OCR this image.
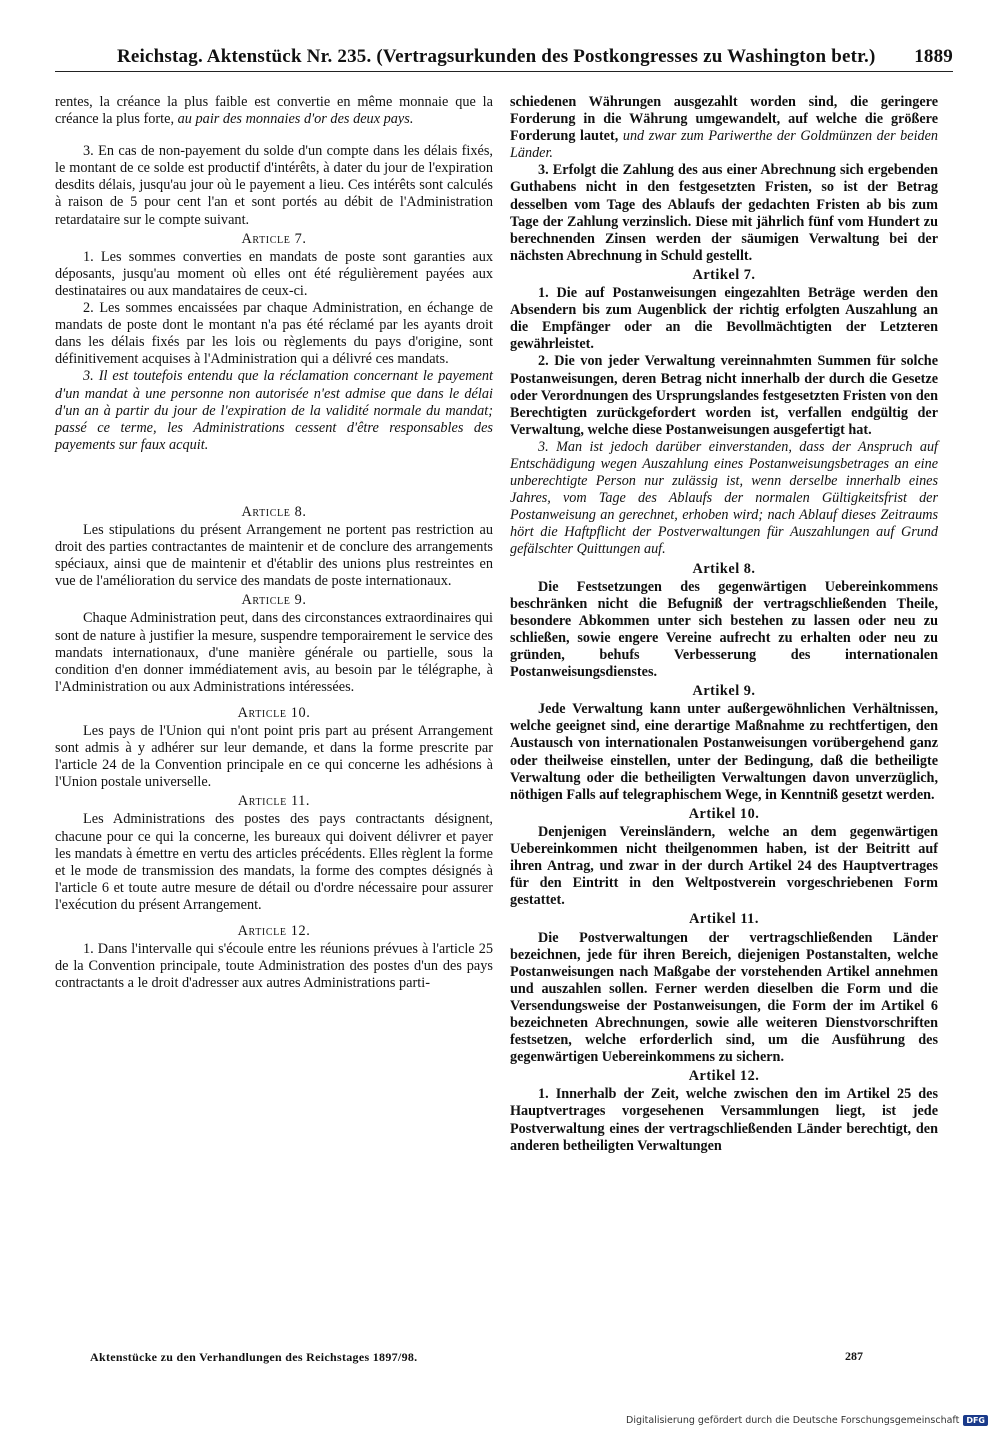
Reichstag. Aktenstück Nr. 235. (Vertragsurkunden des Postkongresses zu Washington betr.) 1889

rentes, la créance la plus faible est convertie en même monnaie que la créance la plus forte, au pair des monnaies d'or des deux pays.

3. En cas de non-payement du solde d'un compte dans les délais fixés, le montant de ce solde est productif d'intérêts, à dater du jour de l'expiration desdits délais, jusqu'au jour où le payement a lieu. Ces intérêts sont calculés à raison de 5 pour cent l'an et sont portés au débit de l'Administration retardataire sur le compte suivant.

Article 7.

1. Les sommes converties en mandats de poste sont garanties aux déposants, jusqu'au moment où elles ont été régulièrement payées aux destinataires ou aux mandataires de ceux-ci.

2. Les sommes encaissées par chaque Administration, en échange de mandats de poste dont le montant n'a pas été réclamé par les ayants droit dans les délais fixés par les lois ou règlements du pays d'origine, sont définitivement acquises à l'Administration qui a délivré ces mandats.

3. Il est toutefois entendu que la réclamation concernant le payement d'un mandat à une personne non autorisée n'est admise que dans le délai d'un an à partir du jour de l'expiration de la validité normale du mandat; passé ce terme, les Administrations cessent d'être responsables des payements sur faux acquit.

Article 8.

Les stipulations du présent Arrangement ne portent pas restriction au droit des parties contractantes de maintenir et de conclure des arrangements spéciaux, ainsi que de maintenir et d'établir des unions plus restreintes en vue de l'amélioration du service des mandats de poste internationaux.

Article 9.

Chaque Administration peut, dans des circonstances extraordinaires qui sont de nature à justifier la mesure, suspendre temporairement le service des mandats internationaux, d'une manière générale ou partielle, sous la condition d'en donner immédiatement avis, au besoin par le télégraphe, à l'Administration ou aux Administrations intéressées.

Article 10.

Les pays de l'Union qui n'ont point pris part au présent Arrangement sont admis à y adhérer sur leur demande, et dans la forme prescrite par l'article 24 de la Convention principale en ce qui concerne les adhésions à l'Union postale universelle.

Article 11.

Les Administrations des postes des pays contractants désignent, chacune pour ce qui la concerne, les bureaux qui doivent délivrer et payer les mandats à émettre en vertu des articles précédents. Elles règlent la forme et le mode de transmission des mandats, la forme des comptes désignés à l'article 6 et toute autre mesure de détail ou d'ordre nécessaire pour assurer l'exécution du présent Arrangement.

Article 12.

1. Dans l'intervalle qui s'écoule entre les réunions prévues à l'article 25 de la Convention principale, toute Administration des postes d'un des pays contractants a le droit d'adresser aux autres Administrations parti-

schiedenen Währungen ausgezahlt worden sind, die geringere Forderung in die Währung umgewandelt, auf welche die größere Forderung lautet, und zwar zum Pariwerthe der Goldmünzen der beiden Länder.

3. Erfolgt die Zahlung des aus einer Abrechnung sich ergebenden Guthabens nicht in den festgesetzten Fristen, so ist der Betrag desselben vom Tage des Ablaufs der gedachten Fristen ab bis zum Tage der Zahlung verzinslich. Diese mit jährlich fünf vom Hundert zu berechnenden Zinsen werden der säumigen Verwaltung bei der nächsten Abrechnung in Schuld gestellt.

Artikel 7.

1. Die auf Postanweisungen eingezahlten Beträge werden den Absendern bis zum Augenblick der richtig erfolgten Auszahlung an die Empfänger oder an die Bevollmächtigten der Letzteren gewährleistet.

2. Die von jeder Verwaltung vereinnahmten Summen für solche Postanweisungen, deren Betrag nicht innerhalb der durch die Gesetze oder Verordnungen des Ursprungslandes festgesetzten Fristen von den Berechtigten zurückgefordert worden ist, verfallen endgültig der Verwaltung, welche diese Postanweisungen ausgefertigt hat.

3. Man ist jedoch darüber einverstanden, dass der Anspruch auf Entschädigung wegen Auszahlung eines Postanweisungsbetrages an eine unberechtigte Person nur zulässig ist, wenn derselbe innerhalb eines Jahres, vom Tage des Ablaufs der normalen Gültigkeitsfrist der Postanweisung an gerechnet, erhoben wird; nach Ablauf dieses Zeitraums hört die Haftpflicht der Postverwaltungen für Auszahlungen auf Grund gefälschter Quittungen auf.

Artikel 8.

Die Festsetzungen des gegenwärtigen Uebereinkommens beschränken nicht die Befugniß der vertragschließenden Theile, besondere Abkommen unter sich bestehen zu lassen oder neu zu schließen, sowie engere Vereine aufrecht zu erhalten oder neu zu gründen, behufs Verbesserung des internationalen Postanweisungsdienstes.

Artikel 9.

Jede Verwaltung kann unter außergewöhnlichen Verhältnissen, welche geeignet sind, eine derartige Maßnahme zu rechtfertigen, den Austausch von internationalen Postanweisungen vorübergehend ganz oder theilweise einstellen, unter der Bedingung, daß die betheiligte Verwaltung oder die betheiligten Verwaltungen davon unverzüglich, nöthigen Falls auf telegraphischem Wege, in Kenntniß gesetzt werden.

Artikel 10.

Denjenigen Vereinsländern, welche an dem gegenwärtigen Uebereinkommen nicht theilgenommen haben, ist der Beitritt auf ihren Antrag, und zwar in der durch Artikel 24 des Hauptvertrages für den Eintritt in den Weltpostverein vorgeschriebenen Form gestattet.

Artikel 11.

Die Postverwaltungen der vertragschließenden Länder bezeichnen, jede für ihren Bereich, diejenigen Postanstalten, welche Postanweisungen nach Maßgabe der vorstehenden Artikel annehmen und auszahlen sollen. Ferner werden dieselben die Form und die Versendungsweise der Postanweisungen, die Form der im Artikel 6 bezeichneten Abrechnungen, sowie alle weiteren Dienstvorschriften festsetzen, welche erforderlich sind, um die Ausführung des gegenwärtigen Uebereinkommens zu sichern.

Artikel 12.

1. Innerhalb der Zeit, welche zwischen den im Artikel 25 des Hauptvertrages vorgesehenen Versammlungen liegt, ist jede Postverwaltung eines der vertragschließenden Länder berechtigt, den anderen betheiligten Verwaltungen

Aktenstücke zu den Verhandlungen des Reichstages 1897/98.	287
Digitalisierung gefördert durch die Deutsche Forschungsgemeinschaft DFG
